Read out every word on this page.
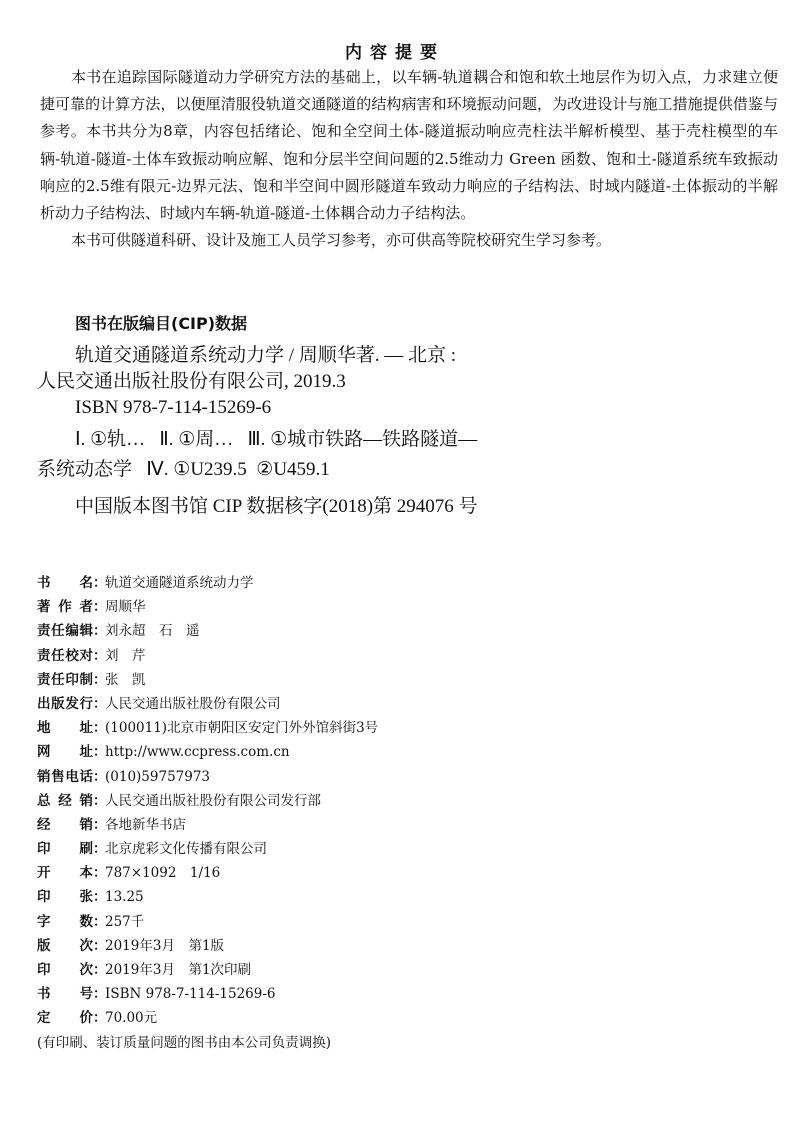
内容提要

本书在追踪国际隧道动力学研究方法的基础上，以车辆-轨道耦合和饱和软土地层作为切入点，力求建立便捷可靠的计算方法，以便厘清服役轨道交通隧道的结构病害和环境振动问题，为改进设计与施工措施提供借鉴与参考。本书共分为8章，内容包括绪论、饱和全空间土体-隧道振动响应壳柱法半解析模型、基于壳柱模型的车辆-轨道-隧道-土体车致振动响应解、饱和分层半空间问题的2.5维动力 Green 函数、饱和土-隧道系统车致振动响应的2.5维有限元-边界元法、饱和半空间中圆形隧道车致动力响应的子结构法、时域内隧道-土体振动的半解析动力子结构法、时域内车辆-轨道-隧道-土体耦合动力子结构法。

本书可供隧道科研、设计及施工人员学习参考，亦可供高等院校研究生学习参考。

图书在版编目(CIP)数据
轨道交通隧道系统动力学 / 周顺华著. — 北京 :
人民交通出版社股份有限公司, 2019.3
ISBN 978-7-114-15269-6
Ⅰ. ①轨…   Ⅱ. ①周…   Ⅲ. ①城市铁路—铁路隧道—
系统动态学   Ⅳ. ①U239.5  ②U459.1
中国版本图书馆 CIP 数据核字(2018)第 294076 号
书名 ：
轨道交通隧道系统动力学
著作者 ：
周顺华
责任编辑 ：
刘永超　石　遥
责任校对 ：
刘　芹
责任印制 ：
张　凯
出版发行 ：
人民交通出版社股份有限公司
地址 ：
(100011)北京市朝阳区安定门外外馆斜街3号
网址 ：
http://www.ccpress.com.cn
销售电话 ：
(010)59757973
总经销 ：
人民交通出版社股份有限公司发行部
经销 ：
各地新华书店
印刷 ：
北京虎彩文化传播有限公司
开本 ：
787×1092　1/16
印张 ：
13.25
字数 ：
257千
版次 ：
2019年3月　第1版
印次 ：
2019年3月　第1次印刷
书号 ：
ISBN 978-7-114-15269-6
定价 ：
70.00元
(有印刷、装订质量问题的图书由本公司负责调换)
